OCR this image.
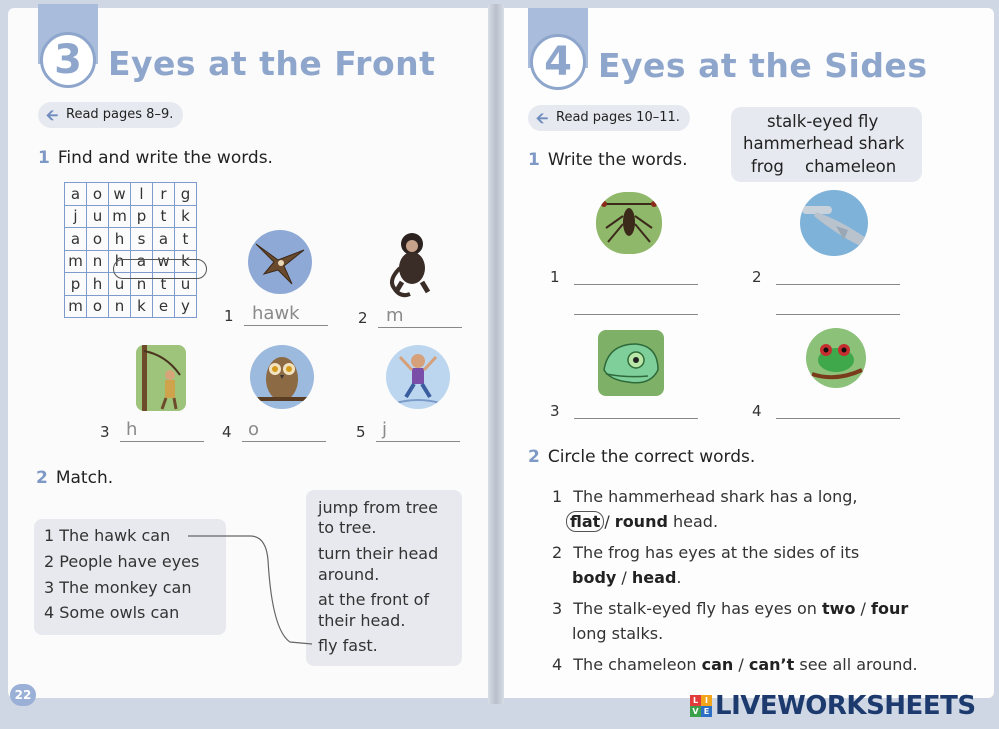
3 Eyes at the Front
🡨 Read pages 8–9.
1 Find and write the words.
a	o	w	l	r	g
j	u	m	p	t	k
a	o	h	s	a	t
m	n	h	a	w	k
p	h	u	n	t	u
m	o	n	k	e	y
1 hawk	2 m
3 h	4 o	5 j
2 Match.
1 The hawk can
2 People have eyes
3 The monkey can
4 Some owls can
jump from tree
to tree.
turn their head
around.
at the front of
their head.
fly fast.
22
4 Eyes at the Sides
🡨 Read pages 10–11.	stalk-eyed fly
hammerhead shark
frog chameleon
1 Write the words.
1	2
3	4
2 Circle the correct words.
1 The hammerhead shark has a long,
flat / round head.
2 The frog has eyes at the sides of its
body / head.
3 The stalk-eyed fly has eyes on two / four
long stalks.
4 The chameleon can / can’t see all around.
L I
V E LIVEWORKSHEETS
